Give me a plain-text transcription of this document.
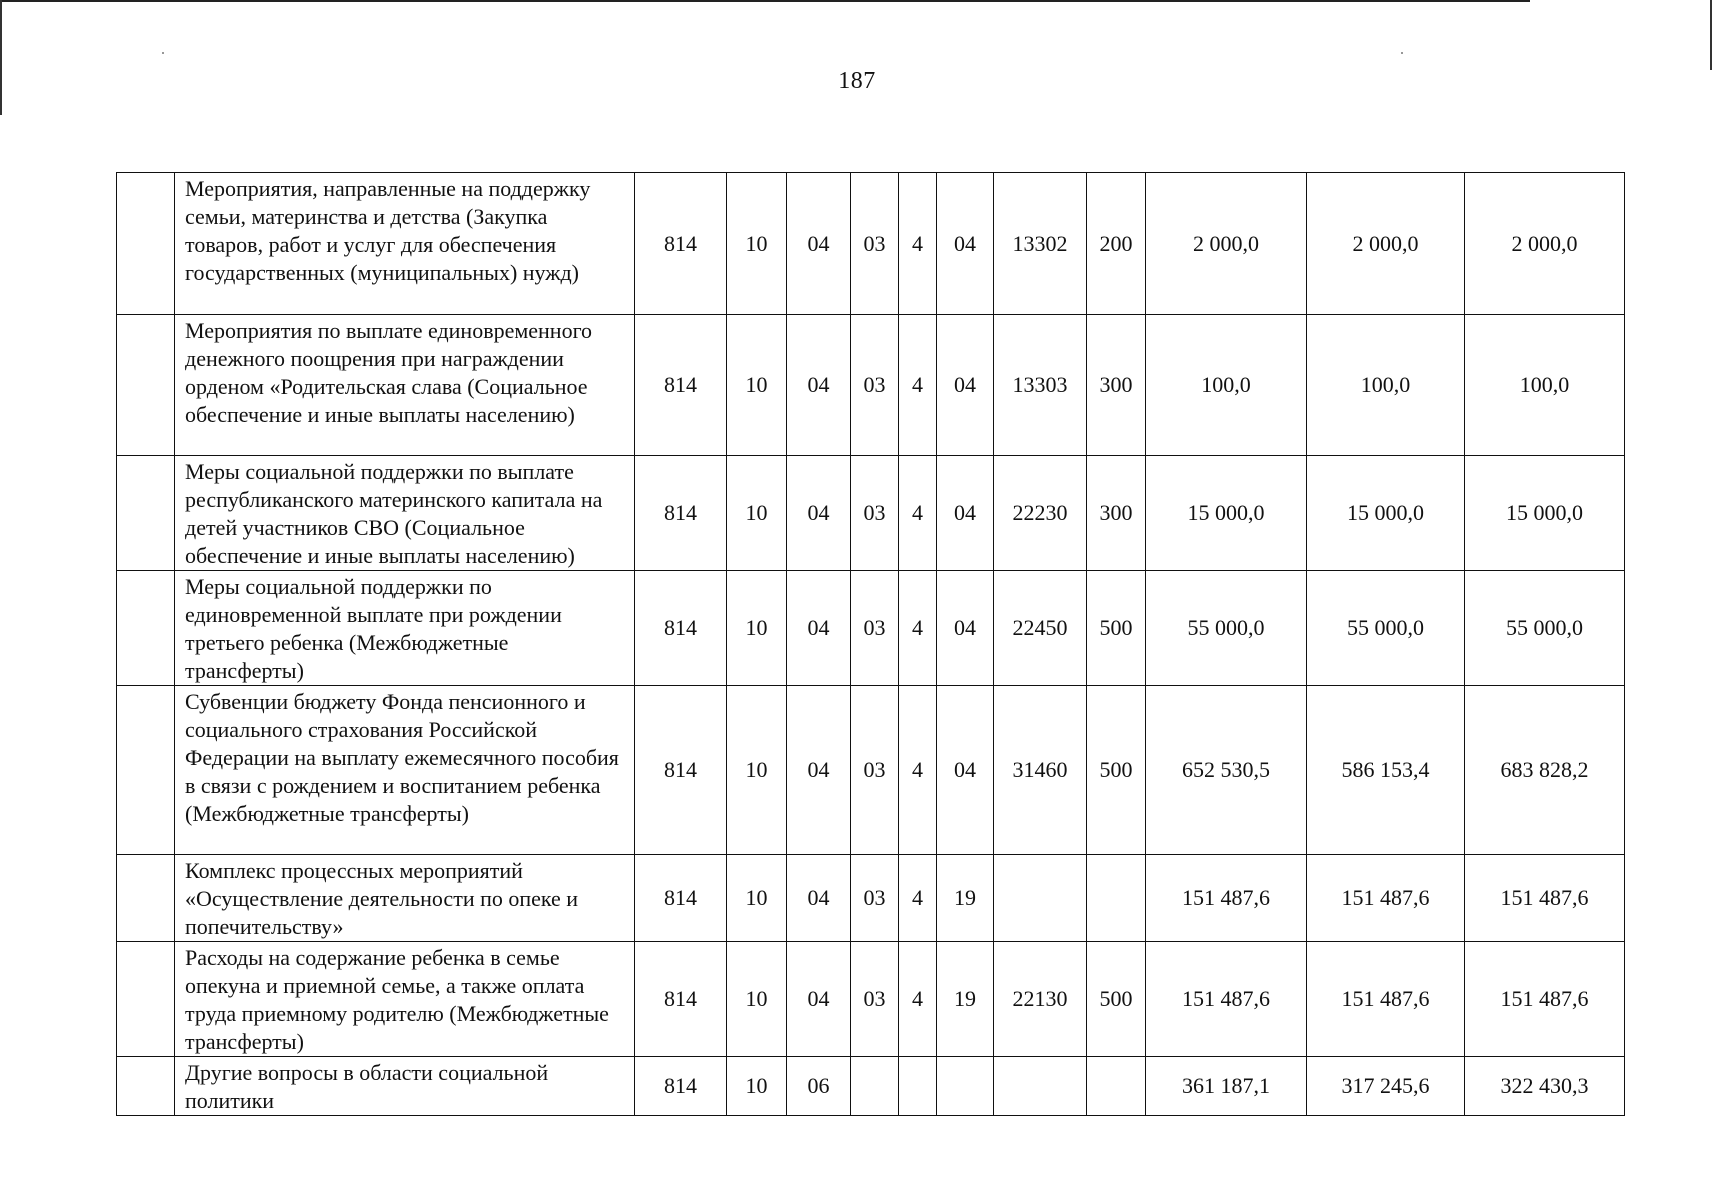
187
	Мероприятия, направленные на поддержку семьи, материнства и детства (Закупка товаров, работ и услуг для обеспечения государственных (муниципальных) нужд)	814	10	04	03	4	04	13302	200	2 000,0	2 000,0	2 000,0
	Мероприятия по выплате единовременного денежного поощрения при награждении орденом «Родительская слава (Социальное обеспечение и иные выплаты населению)	814	10	04	03	4	04	13303	300	100,0	100,0	100,0
	Меры социальной поддержки по выплате республиканского материнского капитала на детей участников СВО (Социальное обеспечение и иные выплаты населению)	814	10	04	03	4	04	22230	300	15 000,0	15 000,0	15 000,0
	Меры социальной поддержки по единовременной выплате при рождении третьего ребенка (Межбюджетные трансферты)	814	10	04	03	4	04	22450	500	55 000,0	55 000,0	55 000,0
	Субвенции бюджету Фонда пенсионного и социального страхования Российской Федерации на выплату ежемесячного пособия в связи с рождением и воспитанием ребенка (Межбюджетные трансферты)	814	10	04	03	4	04	31460	500	652 530,5	586 153,4	683 828,2
	Комплекс процессных мероприятий «Осуществление деятельности по опеке и попечительству»	814	10	04	03	4	19			151 487,6	151 487,6	151 487,6
	Расходы на содержание ребенка в семье опекуна и приемной семье, а также оплата труда приемному родителю (Межбюджетные трансферты)	814	10	04	03	4	19	22130	500	151 487,6	151 487,6	151 487,6
	Другие вопросы в области социальной политики	814	10	06						361 187,1	317 245,6	322 430,3
